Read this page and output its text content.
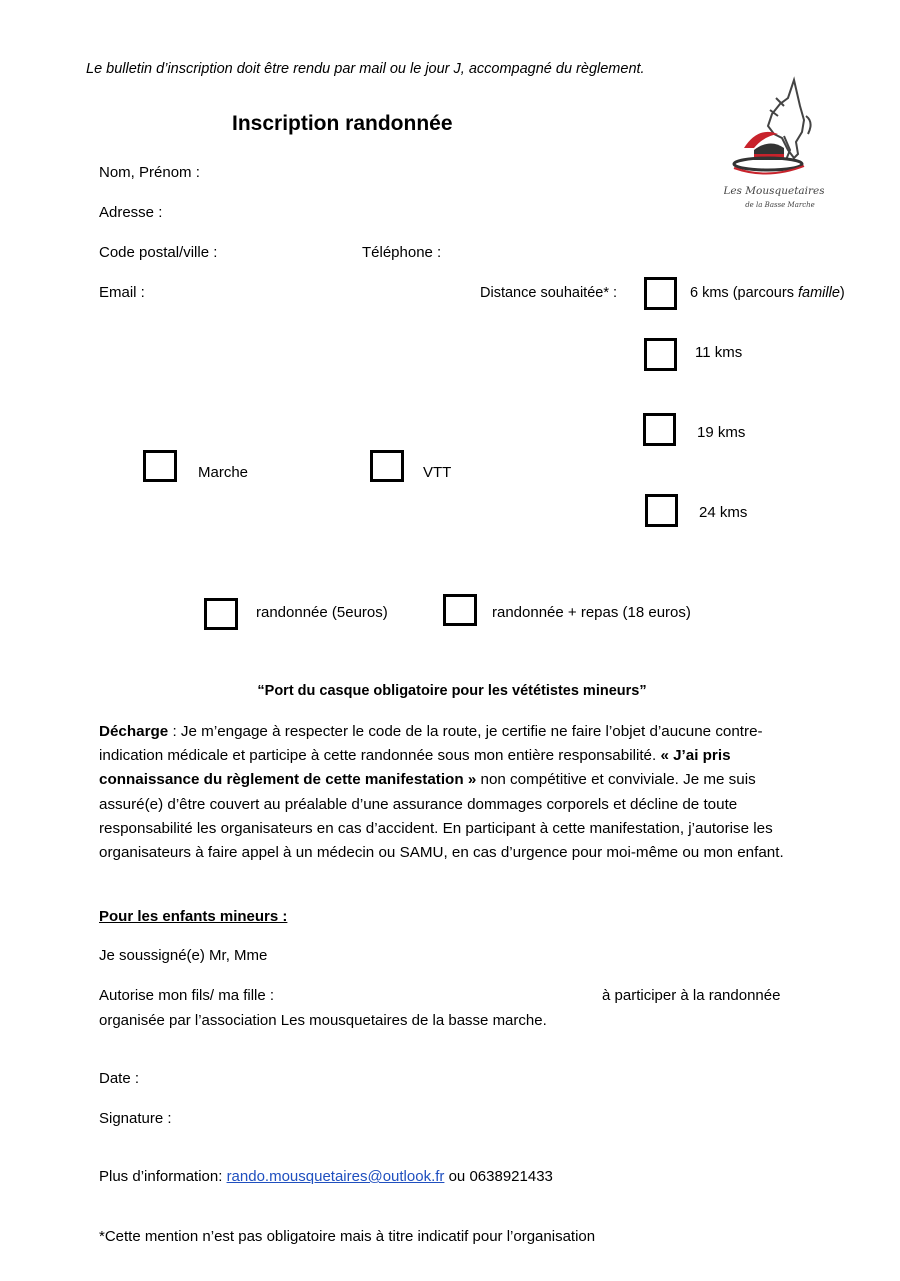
Le bulletin d’inscription doit être rendu par mail ou le jour J, accompagné du règlement.
Inscription randonnée
Les Mousquetaires
de la Basse Marche
Nom, Prénom :
Adresse :
Code postal/ville :	Téléphone :
Email :	Distance souhaitée* :	6 kms (parcours famille)
11 kms
19 kms
24 kms
Marche	VTT
randonnée (5euros)	randonnée + repas (18 euros)
“Port du casque obligatoire pour les vététistes mineurs”
Décharge : Je m’engage à respecter le code de la route, je certifie ne faire l’objet d’aucune contre-indication médicale et participe à cette randonnée sous mon entière responsabilité. « J’ai pris connaissance du règlement de cette manifestation » non compétitive et conviviale. Je me suis assuré(e) d’être couvert au préalable d’une assurance dommages corporels et décline de toute responsabilité les organisateurs en cas d’accident. En participant à cette manifestation, j’autorise les organisateurs à faire appel à un médecin ou SAMU, en cas d’urgence pour moi-même ou mon enfant.
Pour les enfants mineurs :
Je soussigné(e) Mr, Mme
Autorise mon fils/ ma fille :	à participer à la randonnée
organisée par l’association Les mousquetaires de la basse marche.
Date :
Signature :
Plus d’information: rando.mousquetaires@outlook.fr ou 0638921433
*Cette mention n’est pas obligatoire mais à titre indicatif pour l’organisation
